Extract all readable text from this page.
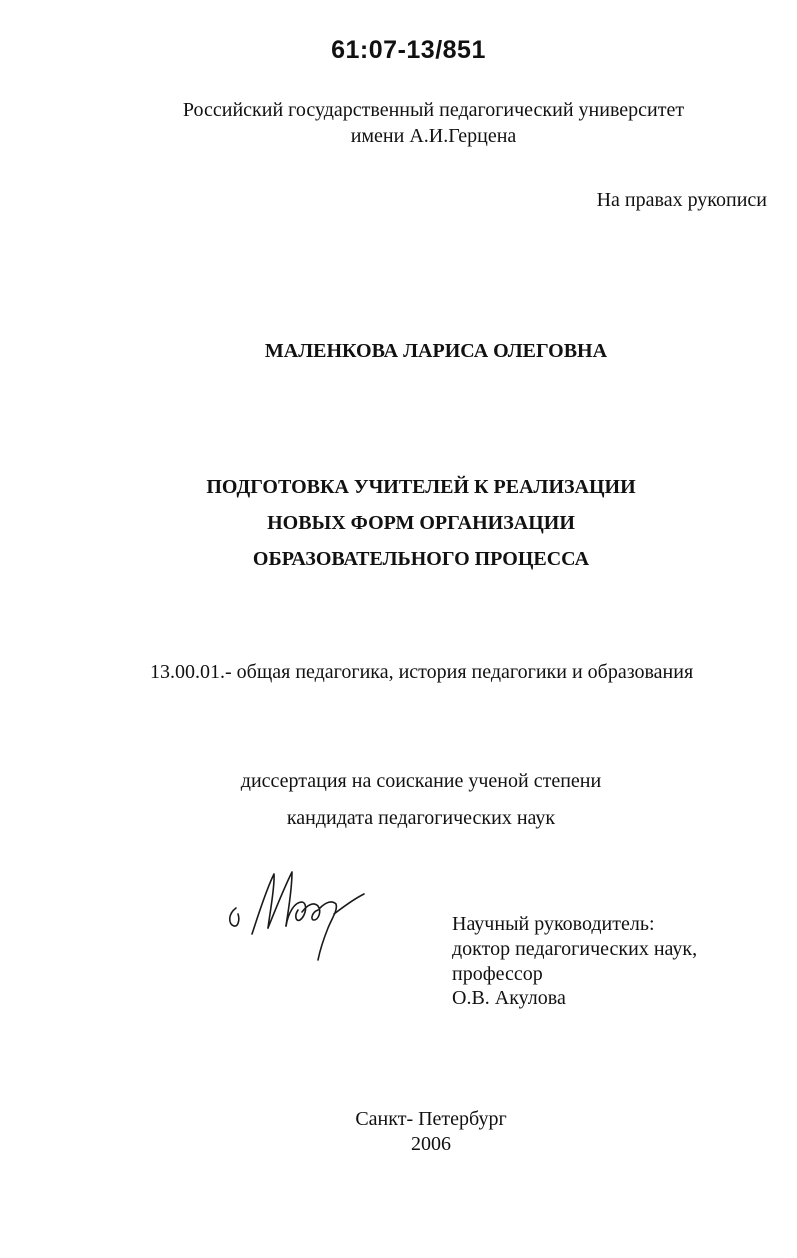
61:07-13/851
Российский государственный педагогический университет
имени А.И.Герцена
На правах рукописи
МАЛЕНКОВА ЛАРИСА ОЛЕГОВНА
ПОДГОТОВКА УЧИТЕЛЕЙ К РЕАЛИЗАЦИИ
НОВЫХ ФОРМ ОРГАНИЗАЦИИ
ОБРАЗОВАТЕЛЬНОГО ПРОЦЕССА
13.00.01.- общая педагогика, история педагогики и образования
диссертация на соискание ученой степени
кандидата педагогических наук
Научный руководитель:
доктор педагогических наук,
профессор
О.В. Акулова
Санкт- Петербург
2006
